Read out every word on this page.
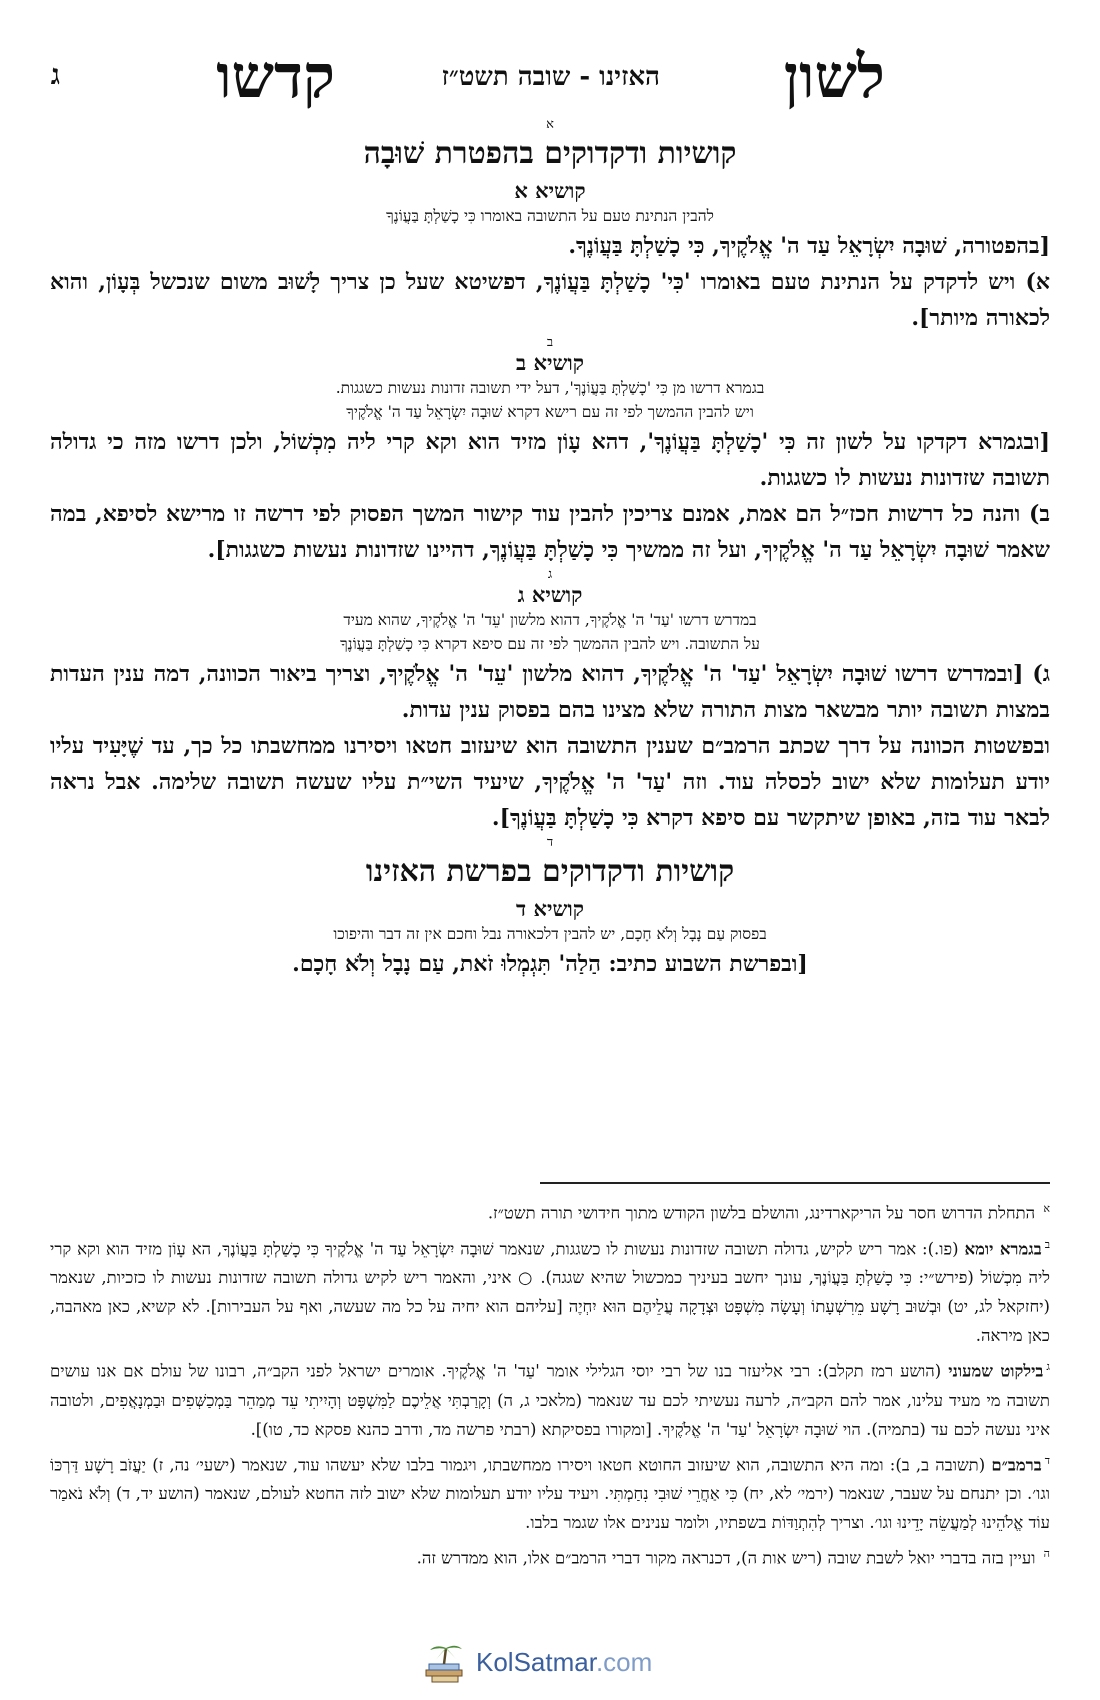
לשון
האזינו - שובה תשט״ז
קדשו
ג

א

קושיות ודקדוקים בהפטרת שׁוּבָה
קושיא א

להבין הנתינת טעם על התשובה באומרו כִּי כָשַׁלְתָּ בַּעֲוֹנֶךָ

[בהפטורה, שׁוּבָה יִשְׂרָאֵל עַד ה' אֱלֹקֶיךָ, כִּי כָשַׁלְתָּ בַּעֲוֹנֶךָ.

א) ויש לדקדק על הנתינת טעם באומרו 'כִּי' כָשַׁלְתָּ בַּעֲוֹנֶךָ, דפשיטא שעל כן צריך לָשׁוּב משום שנכשל בְּעָוֹן, והוא לכאורה מיותר].

ב

קושיא ב

בגמרא דרשו מן כִּי 'כָשַׁלְתָּ בַּעֲוֹנֶךָ', דעל ידי תשובה זדונות נעשות כשגגות.

ויש להבין ההמשך לפי זה עם רישא דקרא שׁוּבָה יִשְׂרָאֵל עַד ה' אֱלֹקֶיךָ

[ובגמרא דקדקו על לשון זה כִּי 'כָשַׁלְתָּ בַּעֲוֹנֶךָ', דהא עָוֹן מזיד הוא וקא קרי ליה מִכְשׁוֹל, ולכן דרשו מזה כי גדולה תשובה שזדונות נעשות לו כשגגות.

ב) והנה כל דרשות חכז״ל הם אמת, אמנם צריכין להבין עוד קישור המשך הפסוק לפי דרשה זו מרישא לסיפא, במה שאמר שׁוּבָה יִשְׂרָאֵל עַד ה' אֱלֹקֶיךָ, ועל זה ממשיך כִּי כָשַׁלְתָּ בַּעֲוֹנֶךָ, דהיינו שזדונות נעשות כשגגות].

ג

קושיא ג

במדרש דרשו 'עַד' ה' אֱלֹקֶיךָ, דהוא מלשון 'עֵד' ה' אֱלֹקֶיךָ, שהוא מעיד

על התשובה. ויש להבין ההמשך לפי זה עם סיפא דקרא כִּי כָשַׁלְתָּ בַּעֲוֹנֶךָ

ג) [ובמדרש דרשו שׁוּבָה יִשְׂרָאֵל 'עַד' ה' אֱלֹקֶיךָ, דהוא מלשון 'עֵד' ה' אֱלֹקֶיךָ, וצריך ביאור הכוונה, דמה ענין העדות במצות תשובה יותר מבשאר מצות התורה שלא מצינו בהם בפסוק ענין עדות.

ובפשטות הכוונה על דרך שכתב הרמב״ם שענין התשובה הוא שיעזוב חטאו ויסירנו ממחשבתו כל כך, עד שֶׁיָּעִיד עליו יודע תעלומות שלא ישוב לכסלה עוד. וזה 'עַד' ה' אֱלֹקֶיךָ, שיעיד השי״ת עליו שעשה תשובה שלימה. אבל נראה לבאר עוד בזה, באופן שיתקשר עם סיפא דקרא כִּי כָשַׁלְתָּ בַּעֲוֹנֶךָ].

ד

קושיות ודקדוקים בפרשת האזינו
קושיא ד

בפסוק עַם נָבָל וְלֹא חָכָם, יש להבין דלכאורה נבל וחכם אין זה דבר והיפוכו

[ובפרשת השבוע כתיב: הַלַה' תִּגְמְלוּ זֹאת, עַם נָבָל וְלֹא חָכָם.

$^א$ התחלת הדרוש חסר על הריקארדינג, והושלם בלשון הקודש מתוך חידושי תורה תשט״ז.

$^ב$בגמרא יומא (פו.): אמר ריש לקיש, גדולה תשובה שזדונות נעשות לו כשגגות, שנאמר שׁוּבָה יִשְׂרָאֵל עַד ה' אֱלֹקֶיךָ כִּי כָשַׁלְתָּ בַּעֲוֹנֶךָ, הא עָוֹן מזיד הוא וקא קרי ליה מִכְשׁוֹל (פירש״י: כִּי כָשַׁלְתָּ בַּעֲוֹנֶךָ, עונך יחשב בעיניך כמכשול שהיא שגגה). ○ איני, והאמר ריש לקיש גדולה תשובה שזדונות נעשות לו כזכיות, שנאמר (יחזקאל לג, יט) וּבְשׁוּב רָשָׁע מֵרִשְׁעָתוֹ וְעָשָׂה מִשְׁפָּט וּצְדָקָה עֲלֵיהֶם הוּא יִחְיֶה [עליהם הוא יחיה על כל מה שעשה, ואף על העבירות]. לא קשיא, כאן מאהבה, כאן מיראה.

$^ג$בילקוט שמעוני (הושע רמז תקלב): רבי אליעזר בנו של רבי יוסי הגלילי אומר 'עַד' ה' אֱלֹקֶיךָ. אומרים ישראל לפני הקב״ה, רבונו של עולם אם אנו עושים תשובה מי מעיד עלינו, אמר להם הקב״ה, לרעה נעשיתי לכם עד שנאמר (מלאכי ג, ה) וְקָרַבְתִּי אֲלֵיכֶם לַמִּשְׁפָּט וְהָיִיתִי עֵד מְמַהֵר בַּמְכַשְּׁפִים וּבַמְנָאֲפִים, ולטובה איני נעשה לכם עד (בתמיה). הוי שׁוּבָה יִשְׂרָאֵל 'עַד' ה' אֱלֹקֶיךָ. [ומקורו בפסיקתא (רבתי פרשה מד, ודרב כהנא פסקא כד, טו)].

$^ד$ברמב״ם (תשובה ב, ב): ומה היא התשובה, הוא שיעזוב החוטא חטאו ויסירו ממחשבתו, ויגמור בלבו שלא יעשהו עוד, שנאמר (ישעי׳ נה, ז) יַעֲזֹב רָשָׁע דַּרְכּוֹ וגו׳. וכן יתנחם על שעבר, שנאמר (ירמי׳ לא, יח) כִּי אַחֲרֵי שׁוּבִי נִחַמְתִּי. ויעיד עליו יודע תעלומות שלא ישוב לזה החטא לעולם, שנאמר (הושע יד, ד) וְלֹא נֹאמַר עוֹד אֱלֹהֵינוּ לְמַעֲשֵׂה יָדֵינוּ וגו׳. וצריך לְהִתְוַדּוֹת בשפתיו, ולומר ענינים אלו שגמר בלבו.

$^ה$ ועיין בזה בדברי יואל לשבת שובה (ריש אות ה), דכנראה מקור דברי הרמב״ם אלו, הוא ממדרש זה.

KolSatmar.com
